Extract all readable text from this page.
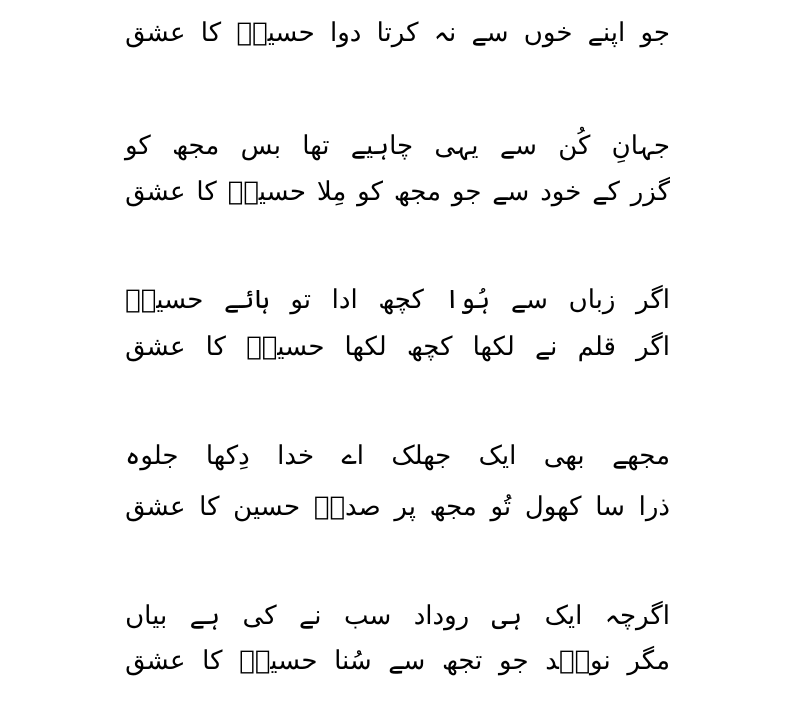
جو
اپنے
خوں
سے
نہ
کرتا
دوا
حسینؑ
کا
عشق
جہانِ
کُن
سے
یہی
چاہیے
تھا
بس
مجھ
کو
گزر
کے
خود
سے
جو
مجھ
کو
مِلا
حسینؑ
کا
عشق
اگر
زباں
سے
ہُوا
کچھ
ادا
تو
ہائے
حسینؑ
اگر
قلم
نے
لکھا
کچھ
لکھا
حسینؑ
کا
عشق
مجھے
بھی
ایک
جھلک
اے
خدا
دِکھا
جلوہ
ذرا
سا
کھول
تُو
مجھ
پر
صداؔ
حسین
کا
عشق
اگرچہ
ایک
ہی
روداد
سب
نے
کی
ہے
بیاں
مگر
نویؔد
جو
تجھ
سے
سُنا
حسینؑ
کا
عشق
